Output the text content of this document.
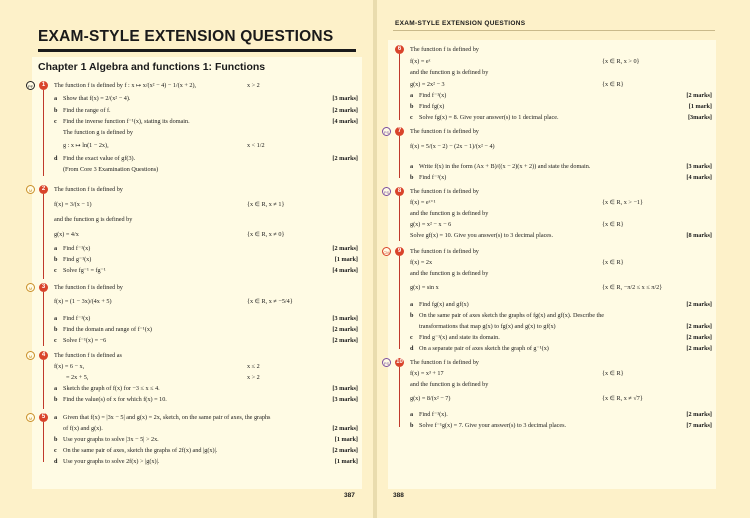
EXAM-STYLE EXTENSION QUESTIONS
Chapter 1 Algebra and functions 1: Functions
PF	1	The function f is defined by f : x ↦ x/(x² − 4) − 1/(x + 2),	x > 2
a Show that f(x) = 2/(x² − 4).	[3 marks]
b Find the range of f.	[2 marks]
c Find the inverse function f⁻¹(x), stating its domain.	[4 marks]
The function g is defined by
g : x ↦ ln(1 − 2x),	x < 1/2
d Find the exact value of gf(3).	[2 marks]
(From Core 3 Examination Questions)
M	2	The function f is defined by
f(x) = 3/(x − 1)	{x ∈ R, x ≠ 1}
and the function g is defined by
g(x) = 4/x	{x ∈ R, x ≠ 0}
a Find f⁻¹(x)	[2 marks]
b Find g⁻¹(x)	[1 mark]
c Solve fg⁻¹ = fg⁻¹	[4 marks]
M	3	The function f is defined by
f(x) = (1 − 3x)/(4x + 5)	{x ∈ R, x ≠ −5/4}
a Find f⁻¹(x)	[3 marks]
b Find the domain and range of f⁻¹(x)	[2 marks]
c Solve f⁻¹(x) = −6	[2 marks]
M	4	The function f is defined as
f(x) = 6 − x,	x ≤ 2
= 2x + 5,	x > 2
a Sketch the graph of f(x) for −3 ≤ x ≤ 4.	[3 marks]
b Find the value(s) of x for which f(x) = 10.	[3 marks]
M	5	a Given that f(x) = |3x − 5| and g(x) = 2x, sketch, on the same pair of axes, the graphs
of f(x) and g(x).	[2 marks]
b Use your graphs to solve |3x − 5| > 2x.	[1 mark]
c On the same pair of axes, sketch the graphs of 2f(x) and |g(x)|.	[2 marks]
d Use your graphs to solve 2f(x) > |g(x)|.	[1 mark]
387
EXAM-STYLE EXTENSION QUESTIONS
6	The function f is defined by
f(x) = eˣ	{x ∈ R, x > 0}
and the function g is defined by
g(x) = 2x² − 3	{x ∈ R}
a Find f⁻¹(x)	[2 marks]
b Find fg(x)	[1 mark]
c Solve fg(x) = 8. Give your answer(s) to 1 decimal place.	[3marks]
PS	7	The function f is defined by
f(x) = 5/(x − 2) − (2x − 1)/(x² − 4)
a Write f(x) in the form (Ax + B)/((x − 2)(x + 2)) and state the domain.	[3 marks]
b Find f⁻¹(x)	[4 marks]
PS	8	The function f is defined by
f(x) = eˣ⁺¹	{x ∈ R, x > −1}
and the function g is defined by
g(x) = x² − x − 6	{x ∈ R}
Solve gf(x) = 10. Give you answer(s) to 3 decimal places.	[8 marks]
CM	9	The function f is defined by
f(x) = 2x	{x ∈ R}
and the function g is defined by
g(x) = sin x	{x ∈ R, −π/2 ≤ x ≤ π/2}
a Find fg(x) and gf(x)	[2 marks]
b On the same pair of axes sketch the graphs of fg(x) and gf(x). Describe the
transformations that map g(x) to fg(x) and g(x) to gf(x)	[2 marks]
c Find g⁻¹(x) and state its domain.	[2 marks]
d On a separate pair of axes sketch the graph of g⁻¹(x)	[2 marks]
PS	10 The function f is defined by
f(x) = x³ + 17	{x ∈ R}
and the function g is defined by
g(x) = 8/(x² − 7)	{x ∈ R, x ≠ √7}
a Find f⁻¹(x).	[2 marks]
b Solve f⁻¹g(x) = 7. Give your answer(s) to 3 decimal places.	[7 marks]
388
